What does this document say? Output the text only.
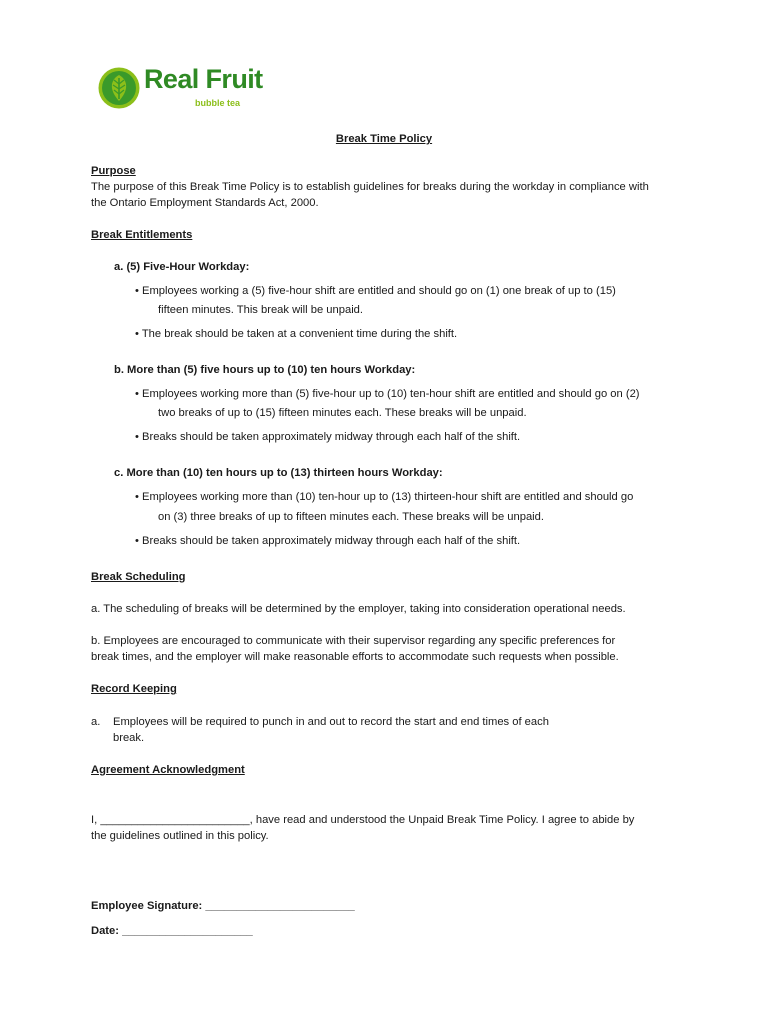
Real Fruit
bubble tea
Break Time Policy
Purpose
The purpose of this Break Time Policy is to establish guidelines for breaks during the workday in compliance with
the Ontario Employment Standards Act, 2000.
Break Entitlements
a. (5) Five-Hour Workday:
• Employees working a (5) five-hour shift are entitled and should go on (1) one break of up to (15)
fifteen minutes. This break will be unpaid.
• The break should be taken at a convenient time during the shift.
b. More than (5) five hours up to (10) ten hours Workday:
• Employees working more than (5) five-hour up to (10) ten-hour shift are entitled and should go on (2)
two breaks of up to (15) fifteen minutes each. These breaks will be unpaid.
• Breaks should be taken approximately midway through each half of the shift.
c. More than (10) ten hours up to (13) thirteen hours Workday:
• Employees working more than (10) ten-hour up to (13) thirteen-hour shift are entitled and should go
on (3) three breaks of up to fifteen minutes each. These breaks will be unpaid.
• Breaks should be taken approximately midway through each half of the shift.
Break Scheduling
a. The scheduling of breaks will be determined by the employer, taking into consideration operational needs.
b. Employees are encouraged to communicate with their supervisor regarding any specific preferences for
break times, and the employer will make reasonable efforts to accommodate such requests when possible.
Record Keeping
a. Employees will be required to punch in and out to record the start and end times of each
break.
Agreement Acknowledgment
I, ________________________, have read and understood the Unpaid Break Time Policy. I agree to abide by
the guidelines outlined in this policy.
Employee Signature: ________________________
Date: _____________________
